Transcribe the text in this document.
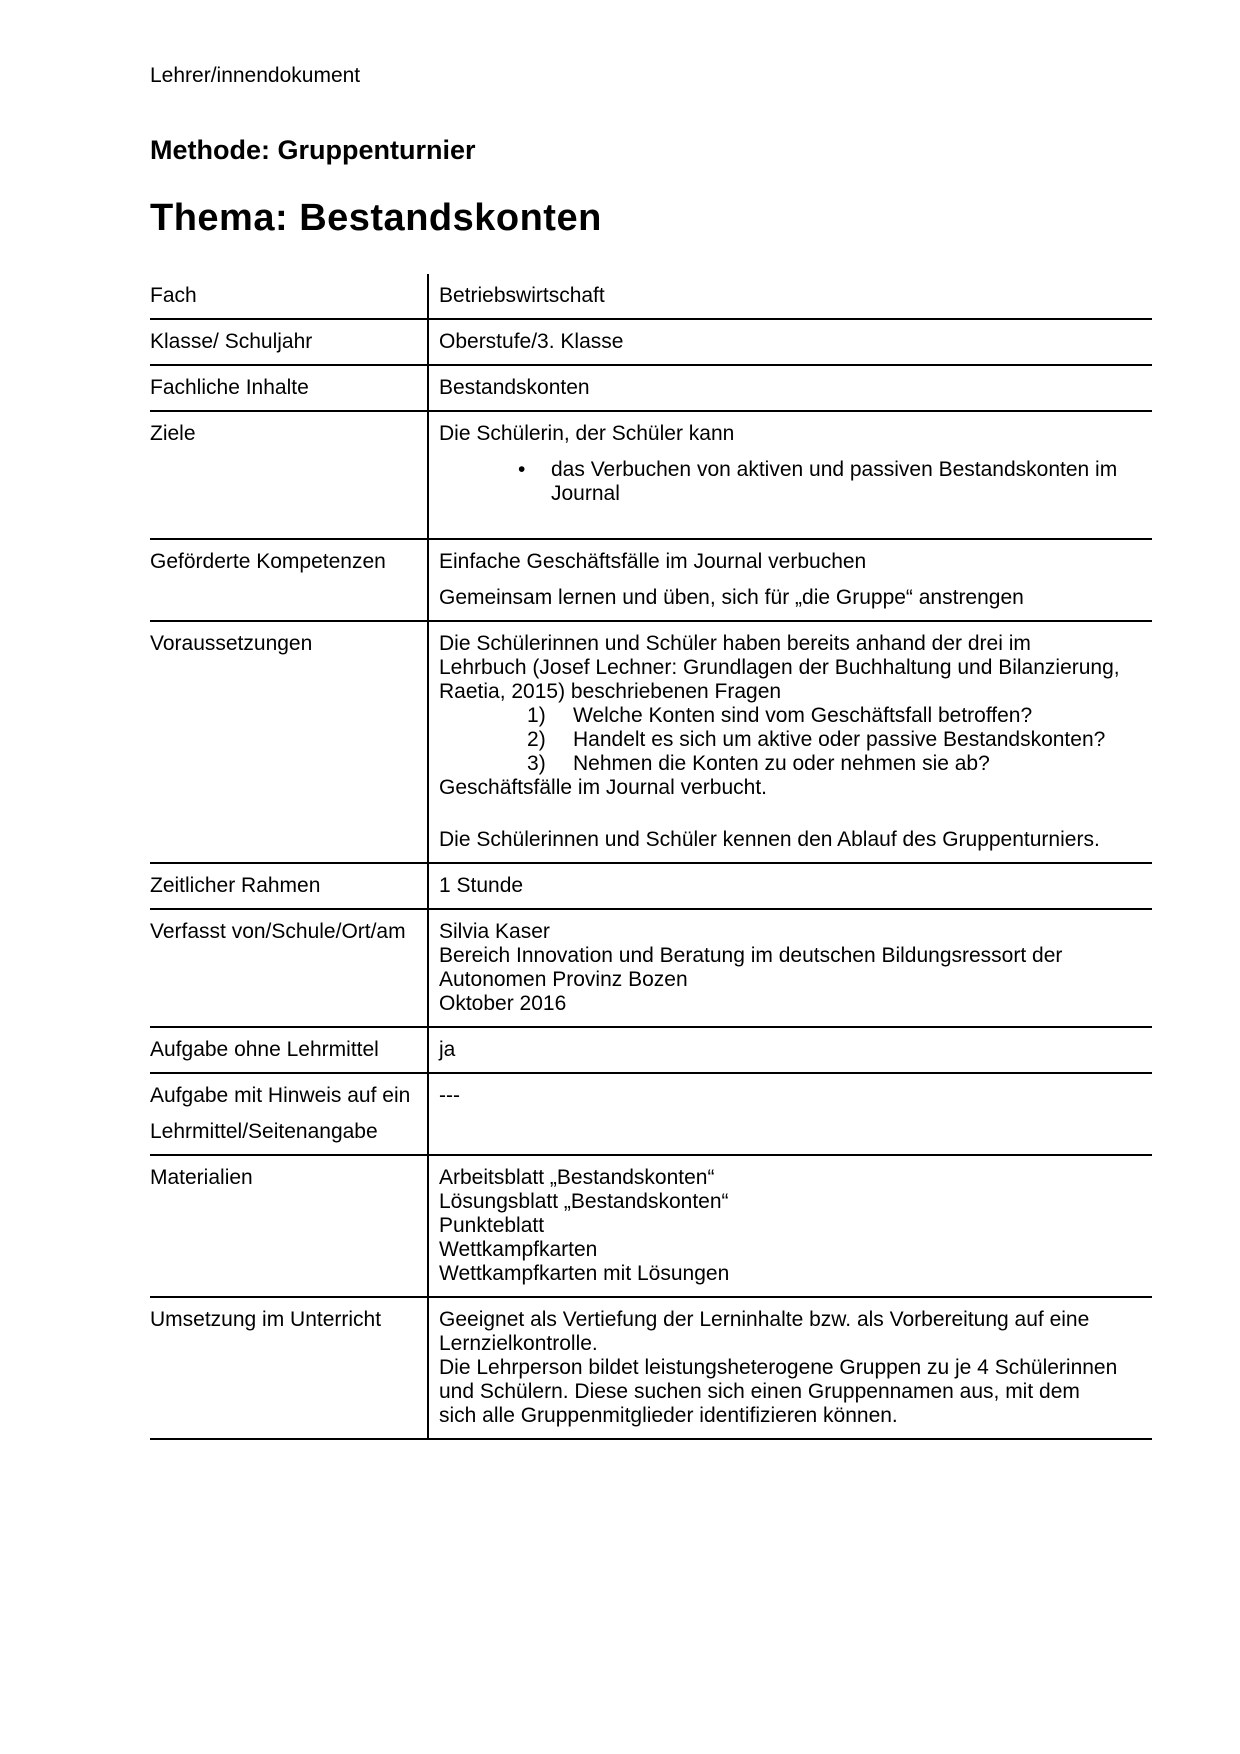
Lehrer/innendokument
Methode: Gruppenturnier
Thema: Bestandskonten
Fach	Betriebswirtschaft

Klasse/ Schuljahr	Oberstufe/3. Klasse

Fachliche Inhalte	Bestandskonten

Ziele	Die Schülerin, der Schüler kann

• das Verbuchen von aktiven und passiven Bestandskonten im Journal

Geförderte Kompetenzen	Einfache Geschäftsfälle im Journal verbuchen

Gemeinsam lernen und üben, sich für „die Gruppe“ anstrengen

Voraussetzungen	Die Schülerinnen und Schüler haben bereits anhand der drei im Lehrbuch (Josef Lechner: Grundlagen der Buchhaltung und Bilanzierung, Raetia, 2015) beschriebenen Fragen

Welche Konten sind vom Geschäftsfall betroffen?
Handelt es sich um aktive oder passive Bestandskonten?
Nehmen die Konten zu oder nehmen sie ab?

Geschäftsfälle im Journal verbucht.

Die Schülerinnen und Schüler kennen den Ablauf des Gruppenturniers.

Zeitlicher Rahmen	1 Stunde

Verfasst von/Schule/Ort/am	Silvia Kaser
Bereich Innovation und Beratung im deutschen Bildungsressort der Autonomen Provinz Bozen
Oktober 2016

Aufgabe ohne Lehrmittel	ja

Aufgabe mit Hinweis auf ein
Lehrmittel/Seitenangabe	---

Materialien	Arbeitsblatt „Bestandskonten“
Lösungsblatt „Bestandskonten“
Punkteblatt
Wettkampfkarten
Wettkampfkarten mit Lösungen

Umsetzung im Unterricht	Geeignet als Vertiefung der Lerninhalte bzw. als Vorbereitung auf eine Lernzielkontrolle.
Die Lehrperson bildet leistungsheterogene Gruppen zu je 4 Schülerinnen und Schülern. Diese suchen sich einen Gruppennamen aus, mit dem sich alle Gruppenmitglieder identifizieren können.
